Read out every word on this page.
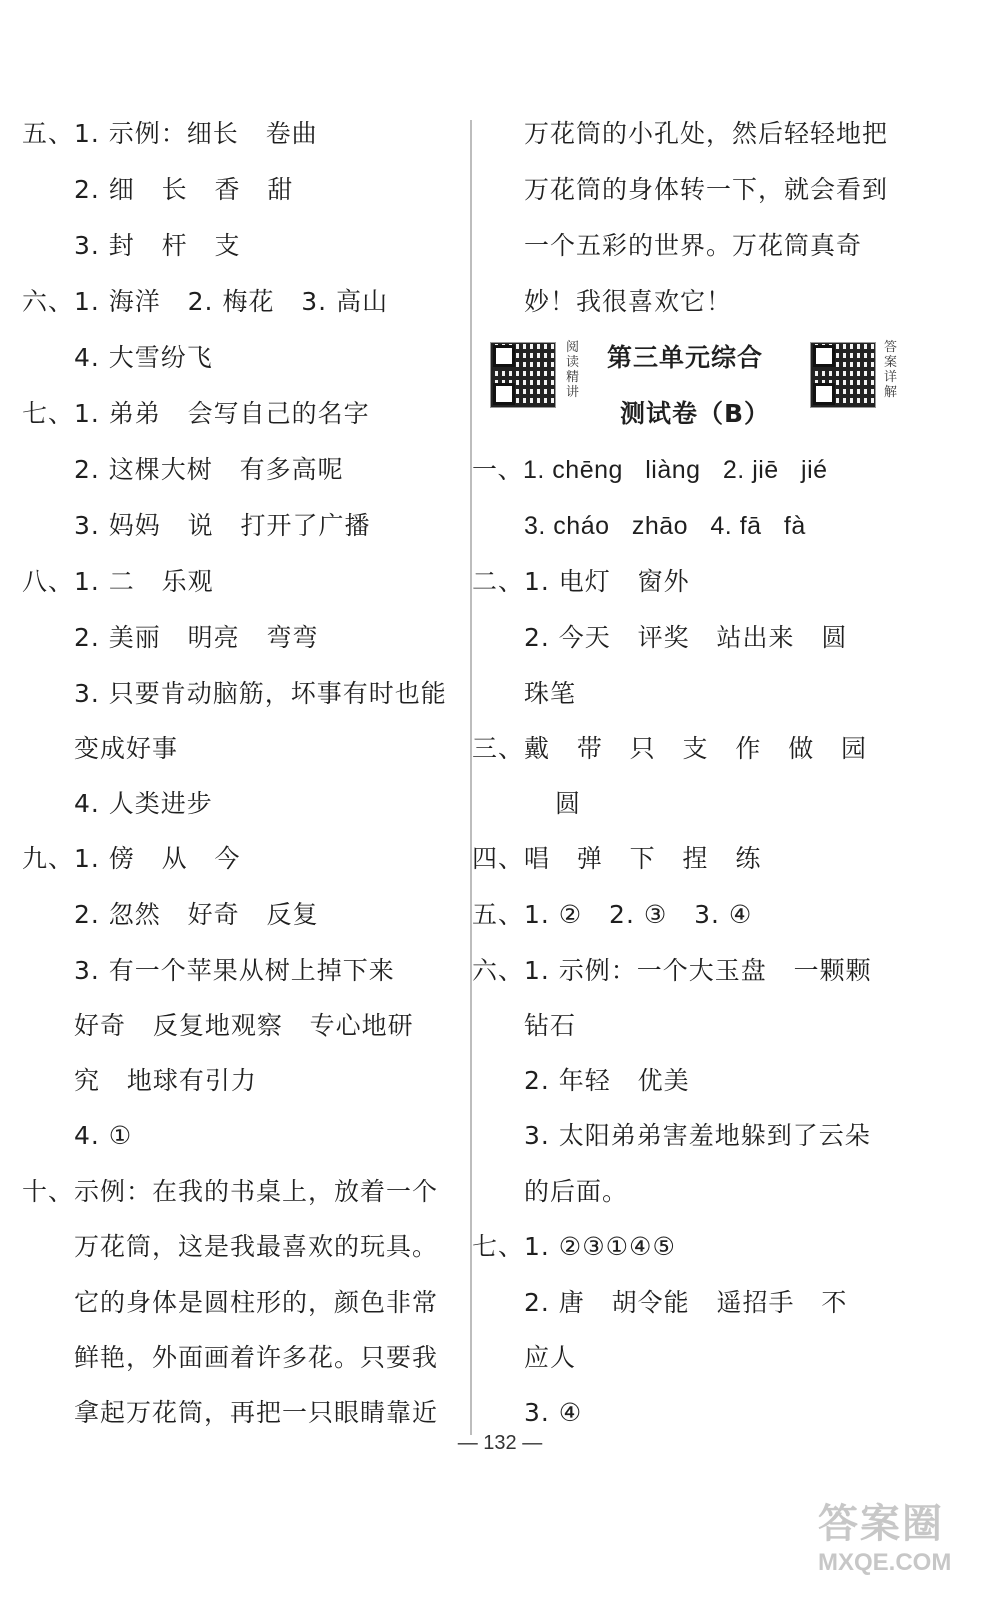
五、1. 示例：细长   卷曲
2. 细   长   香   甜
3. 封   杆   支
六、1. 海洋   2. 梅花   3. 高山
4. 大雪纷飞
七、1. 弟弟   会写自己的名字
2. 这棵大树   有多高呢
3. 妈妈   说   打开了广播
八、1. 二   乐观
2. 美丽   明亮   弯弯
3. 只要肯动脑筋，坏事有时也能
变成好事
4. 人类进步
九、1. 傍   从   今
2. 忽然   好奇   反复
3. 有一个苹果从树上掉下来
好奇   反复地观察   专心地研
究   地球有引力
4. ①
十、示例：在我的书桌上，放着一个
万花筒，这是我最喜欢的玩具。
它的身体是圆柱形的，颜色非常
鲜艳，外面画着许多花。只要我
拿起万花筒，再把一只眼睛靠近
万花筒的小孔处，然后轻轻地把
万花筒的身体转一下，就会看到
一个五彩的世界。万花筒真奇
妙！我很喜欢它！
阅读精讲
第三单元综合
测试卷（B）
答案详解
一、1. chēng   liàng   2. jiē   jié
3. cháo   zhāo   4. fā   fà
二、1. 电灯   窗外
2. 今天   评奖   站出来   圆
珠笔
三、戴   带   只   支   作   做   园
圆
四、唱   弹   下   捏   练
五、1. ②   2. ③   3. ④
六、1. 示例：一个大玉盘   一颗颗
钻石
2. 年轻   优美
3. 太阳弟弟害羞地躲到了云朵
的后面。
七、1. ②③①④⑤
2. 唐   胡令能   遥招手   不
应人
3. ④
— 132 —
答案圈
MXQE.COM
